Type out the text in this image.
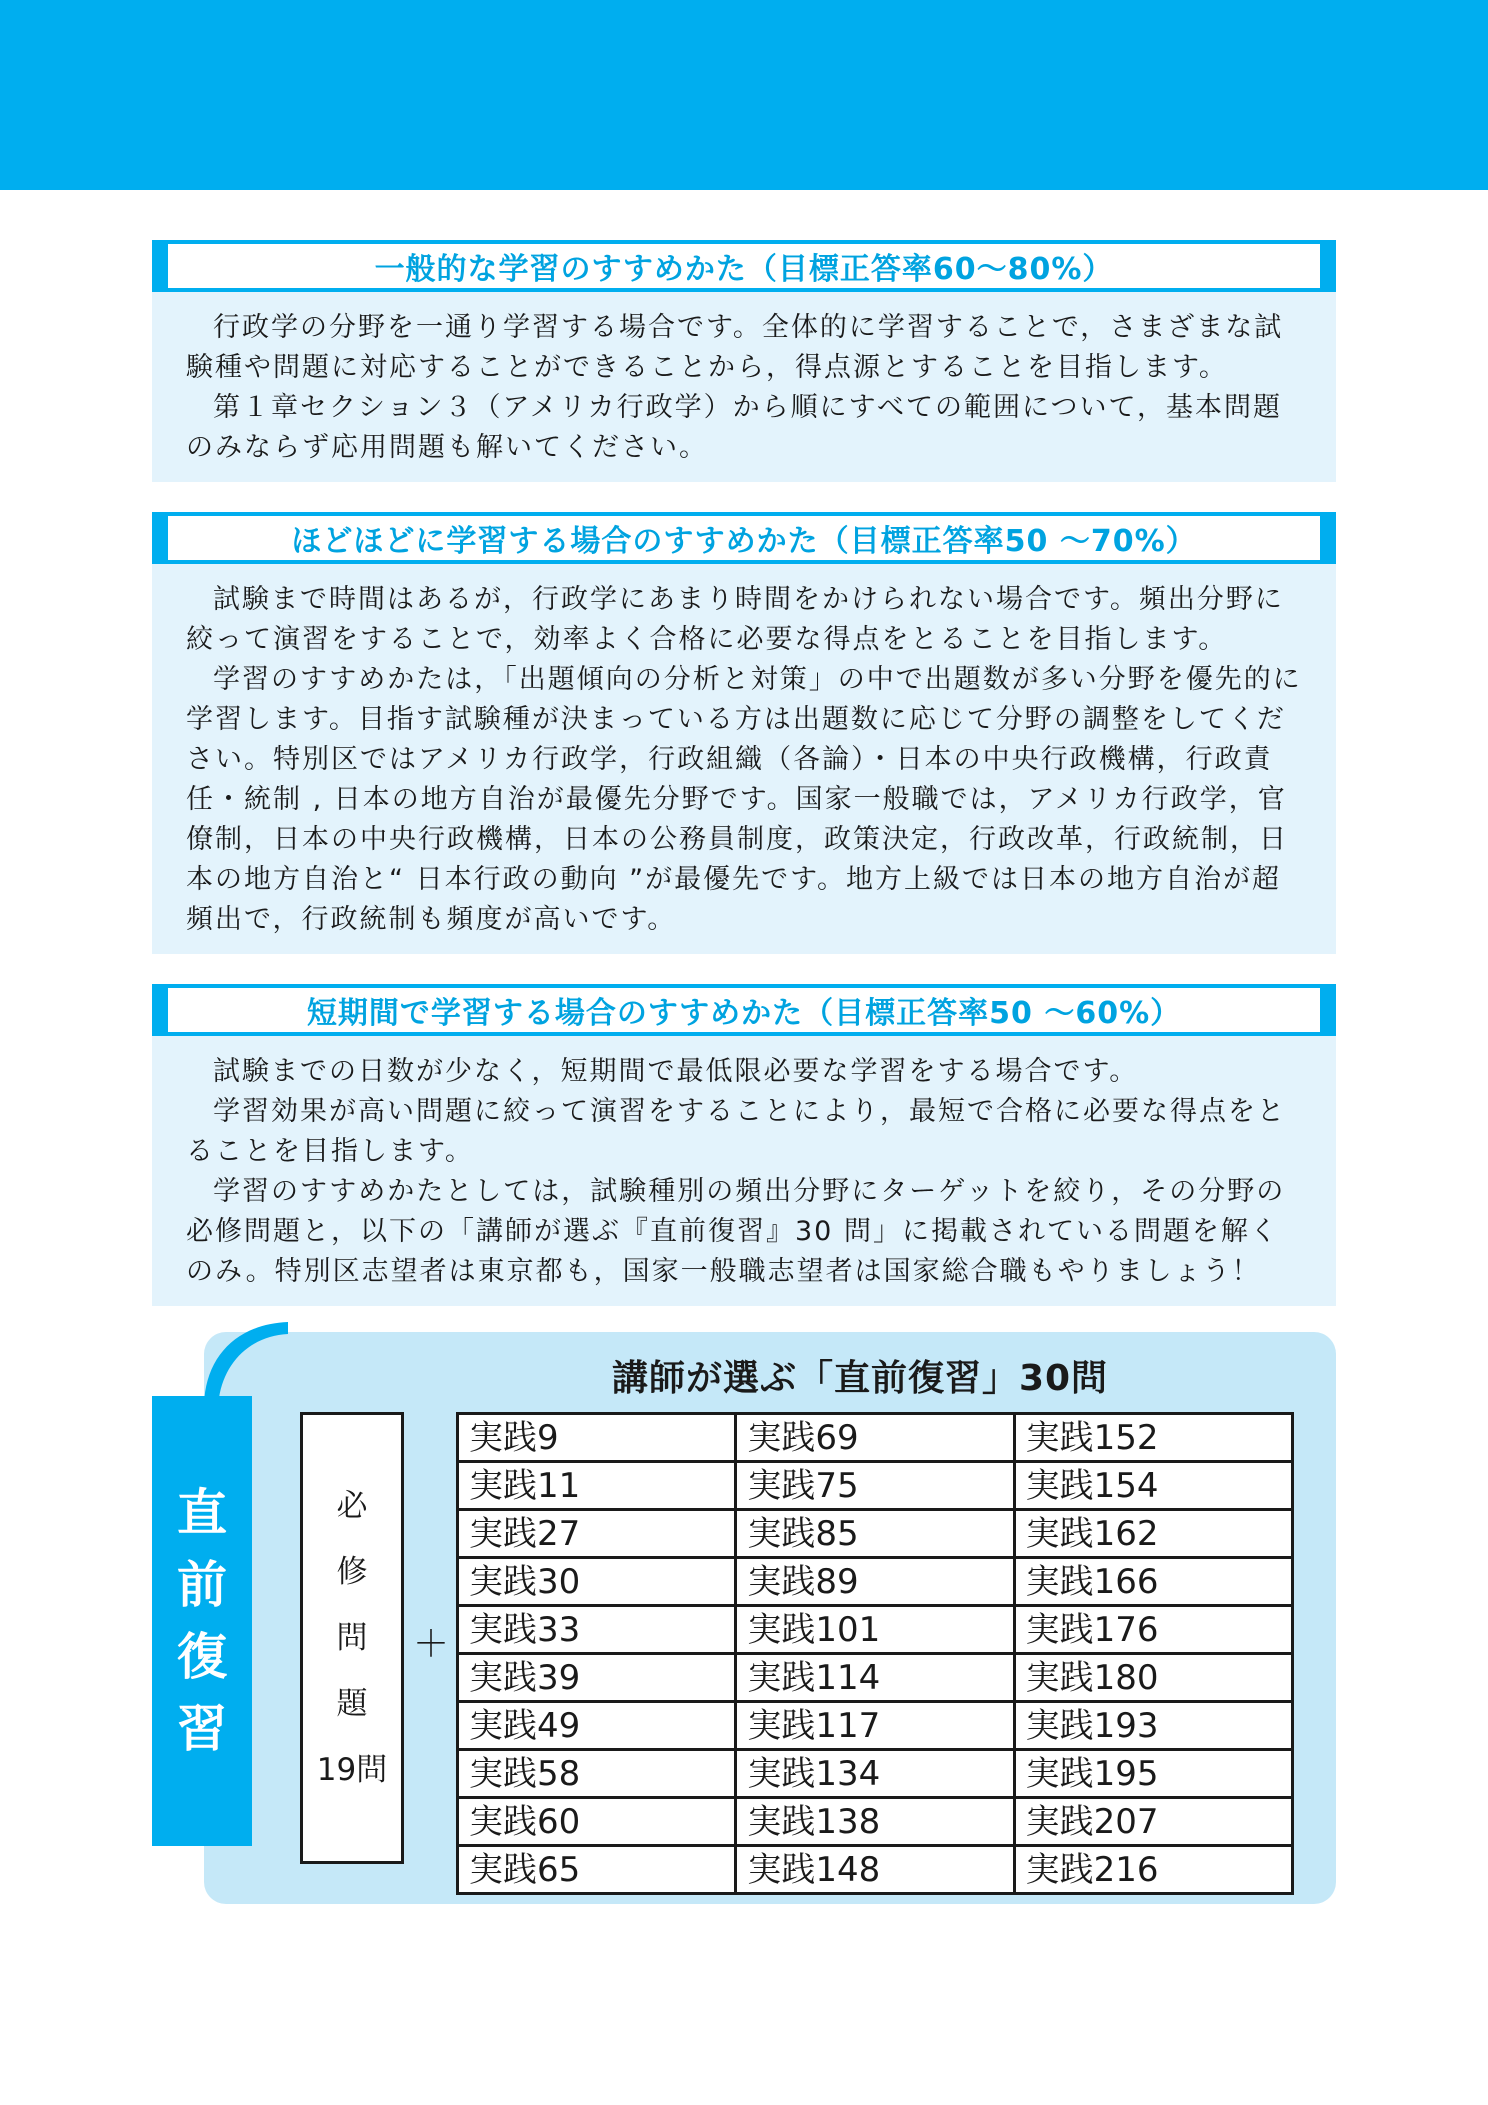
一般的な学習のすすめかた（目標正答率60～80%）

行政学の分野を一通り学習する場合です。全体的に学習することで，さまざまな試験種や問題に対応することができることから，得点源とすることを目指します。

第１章セクション３（アメリカ行政学）から順にすべての範囲について，基本問題のみならず応用問題も解いてください。

ほどほどに学習する場合のすすめかた（目標正答率50 ～70%）

試験まで時間はあるが，行政学にあまり時間をかけられない場合です。頻出分野に絞って演習をすることで，効率よく合格に必要な得点をとることを目指します。

学習のすすめかたは，「出題傾向の分析と対策」の中で出題数が多い分野を優先的に学習します。目指す試験種が決まっている方は出題数に応じて分野の調整をしてください。特別区ではアメリカ行政学，行政組織（各論）・日本の中央行政機構，行政責任・統制 , 日本の地方自治が最優先分野です。国家一般職では，アメリカ行政学，官僚制，日本の中央行政機構，日本の公務員制度，政策決定，行政改革，行政統制，日本の地方自治と“ 日本行政の動向 ”が最優先です。地方上級では日本の地方自治が超頻出で，行政統制も頻度が高いです。

短期間で学習する場合のすすめかた（目標正答率50 ～60%）

試験までの日数が少なく，短期間で最低限必要な学習をする場合です。

学習効果が高い問題に絞って演習をすることにより，最短で合格に必要な得点をとることを目指します。

学習のすすめかたとしては，試験種別の頻出分野にターゲットを絞り，その分野の必修問題と，以下の「講師が選ぶ『直前復習』30 問」に掲載されている問題を解くのみ。特別区志望者は東京都も，国家一般職志望者は国家総合職もやりましょう！

直
前
復
習
講師が選ぶ「直前復習」30問
必
修
問
題
19問
＋
実践9	実践69	実践152
実践11	実践75	実践154
実践27	実践85	実践162
実践30	実践89	実践166
実践33	実践101	実践176
実践39	実践114	実践180
実践49	実践117	実践193
実践58	実践134	実践195
実践60	実践138	実践207
実践65	実践148	実践216
